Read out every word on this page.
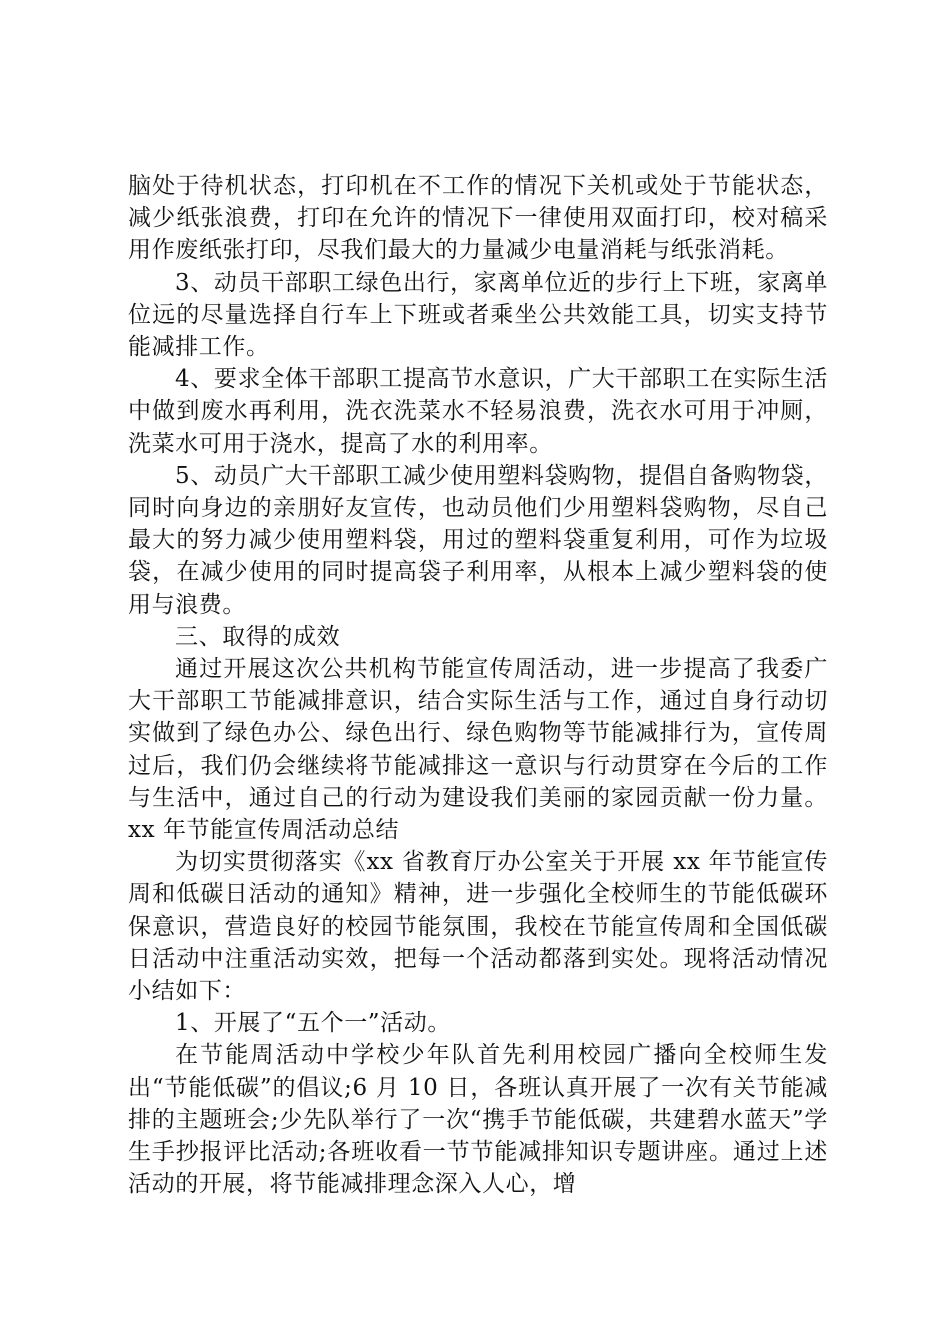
脑处于待机状态，打印机在不工作的情况下关机或处于节能状态，减少纸张浪费，打印在允许的情况下一律使用双面打印，校对稿采用作废纸张打印，尽我们最大的力量减少电量消耗与纸张消耗。

3、动员干部职工绿色出行，家离单位近的步行上下班，家离单位远的尽量选择自行车上下班或者乘坐公共效能工具，切实支持节能减排工作。

4、要求全体干部职工提高节水意识，广大干部职工在实际生活中做到废水再利用，洗衣洗菜水不轻易浪费，洗衣水可用于冲厕，洗菜水可用于浇水，提高了水的利用率。

5、动员广大干部职工减少使用塑料袋购物，提倡自备购物袋，同时向身边的亲朋好友宣传，也动员他们少用塑料袋购物，尽自己最大的努力减少使用塑料袋，用过的塑料袋重复利用，可作为垃圾袋，在减少使用的同时提高袋子利用率，从根本上减少塑料袋的使用与浪费。

三、取得的成效

通过开展这次公共机构节能宣传周活动，进一步提高了我委广大干部职工节能减排意识，结合实际生活与工作，通过自身行动切实做到了绿色办公、绿色出行、绿色购物等节能减排行为，宣传周过后，我们仍会继续将节能减排这一意识与行动贯穿在今后的工作与生活中，通过自己的行动为建设我们美丽的家园贡献一份力量。xx 年节能宣传周活动总结

为切实贯彻落实《xx 省教育厅办公室关于开展 xx 年节能宣传周和低碳日活动的通知》精神，进一步强化全校师生的节能低碳环保意识，营造良好的校园节能氛围，我校在节能宣传周和全国低碳日活动中注重活动实效，把每一个活动都落到实处。现将活动情况小结如下：

1、开展了“五个一”活动。

在节能周活动中学校少年队首先利用校园广播向全校师生发出“节能低碳”的倡议;6 月 10 日，各班认真开展了一次有关节能减排的主题班会;少先队举行了一次“携手节能低碳，共建碧水蓝天”学生手抄报评比活动;各班收看一节节能减排知识专题讲座。通过上述活动的开展，将节能减排理念深入人心，增
